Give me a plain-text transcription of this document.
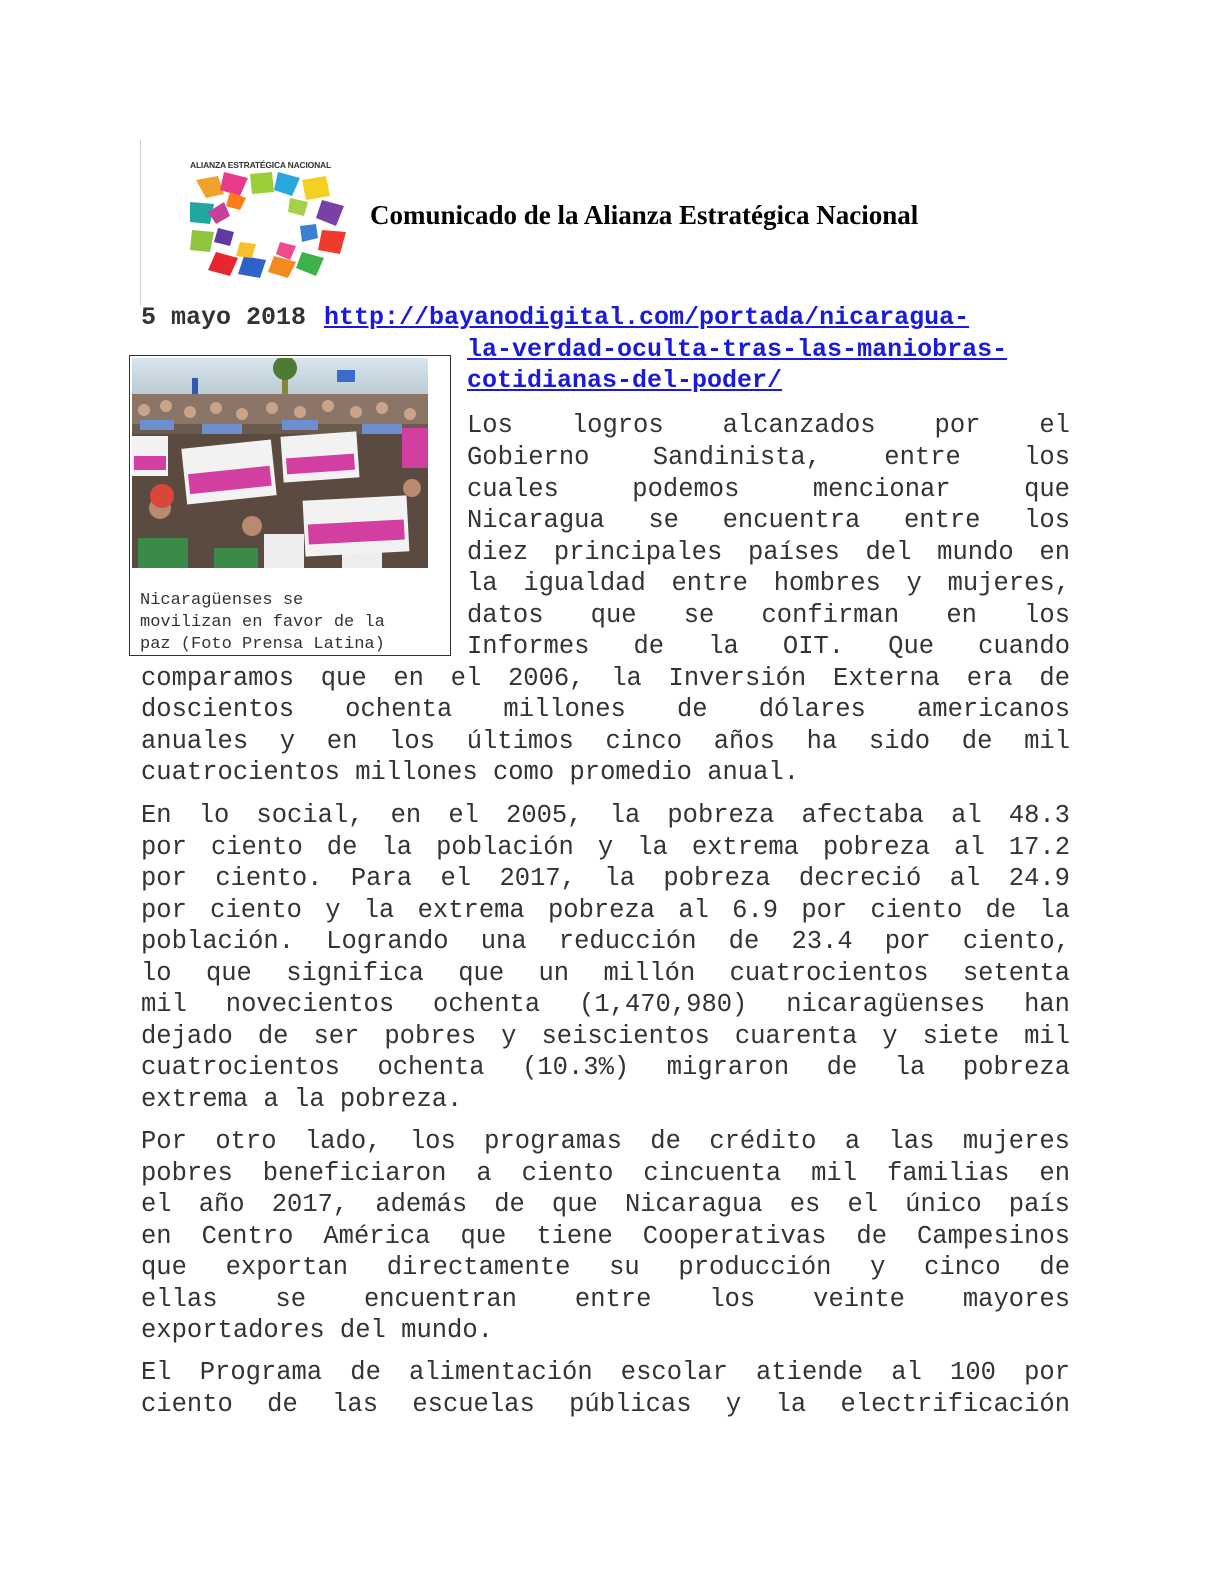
ALIANZA ESTRATÉGICA NACIONAL
Comunicado de la Alianza Estratégica Nacional
5 mayo 2018 http://bayanodigital.com/portada/nicaragua-
la-verdad-oculta-tras-las-maniobras-
cotidianas-del-poder/
Nicaragüenses se
movilizan en favor de la
paz (Foto Prensa Latina)
Los logros alcanzados por el
Gobierno Sandinista, entre los
cuales podemos mencionar que
Nicaragua se encuentra entre los
diez principales países del mundo en
la igualdad entre hombres y mujeres,
datos que se confirman en los
Informes de la OIT. Que cuando
comparamos que en el 2006, la Inversión Externa era de
doscientos ochenta millones de dólares americanos
anuales y en los últimos cinco años ha sido de mil
cuatrocientos millones como promedio anual.
En lo social, en el 2005, la pobreza afectaba al 48.3
por ciento de la población y la extrema pobreza al 17.2
por ciento. Para el 2017, la pobreza decreció al 24.9
por ciento y la extrema pobreza al 6.9 por ciento de la
población. Logrando una reducción de 23.4 por ciento,
lo que significa que un millón cuatrocientos setenta
mil novecientos ochenta (1,470,980) nicaragüenses han
dejado de ser pobres y seiscientos cuarenta y siete mil
cuatrocientos ochenta (10.3%) migraron de la pobreza
extrema a la pobreza.
Por otro lado, los programas de crédito a las mujeres
pobres beneficiaron a ciento cincuenta mil familias en
el año 2017, además de que Nicaragua es el único país
en Centro América que tiene Cooperativas de Campesinos
que exportan directamente su producción y cinco de
ellas se encuentran entre los veinte mayores
exportadores del mundo.
El Programa de alimentación escolar atiende al 100 por
ciento de las escuelas públicas y la electrificación
